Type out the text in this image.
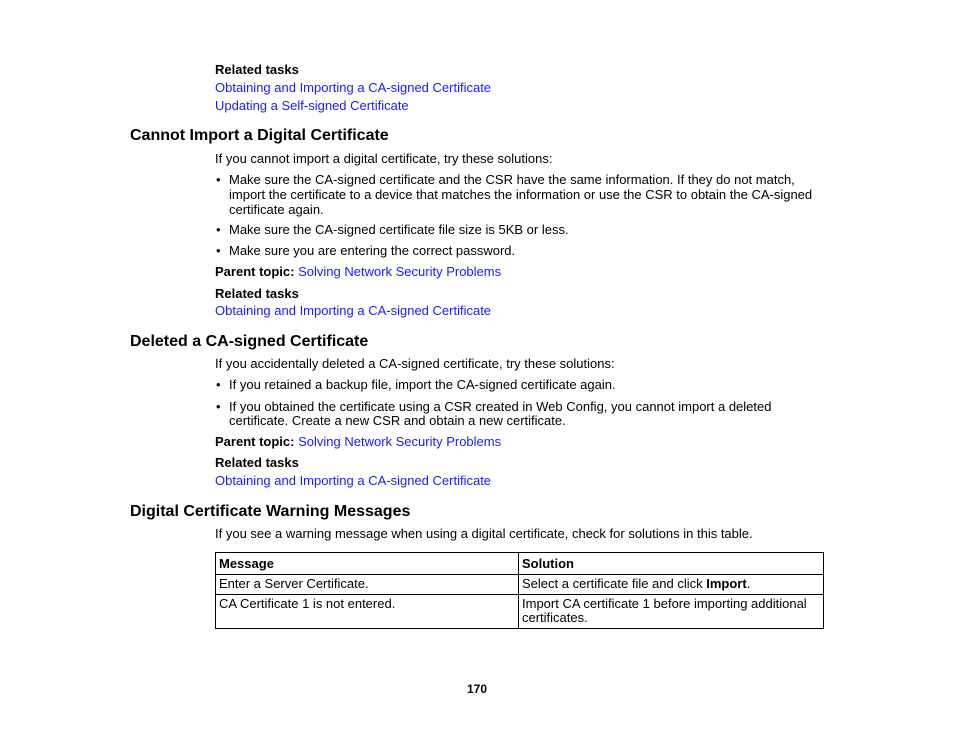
Related tasks
Obtaining and Importing a CA-signed Certificate
Updating a Self-signed Certificate
Cannot Import a Digital Certificate
If you cannot import a digital certificate, try these solutions:
• Make sure the CA-signed certificate and the CSR have the same information. If they do not match,
import the certificate to a device that matches the information or use the CSR to obtain the CA-signed
certificate again.
• Make sure the CA-signed certificate file size is 5KB or less.
• Make sure you are entering the correct password.
Parent topic: Solving Network Security Problems
Related tasks
Obtaining and Importing a CA-signed Certificate
Deleted a CA-signed Certificate
If you accidentally deleted a CA-signed certificate, try these solutions:
• If you retained a backup file, import the CA-signed certificate again.
• If you obtained the certificate using a CSR created in Web Config, you cannot import a deleted
certificate. Create a new CSR and obtain a new certificate.
Parent topic: Solving Network Security Problems
Related tasks
Obtaining and Importing a CA-signed Certificate
Digital Certificate Warning Messages
If you see a warning message when using a digital certificate, check for solutions in this table.
Message	Solution
Enter a Server Certificate.	Select a certificate file and click Import.
CA Certificate 1 is not entered.	Import CA certificate 1 before importing additional
certificates.
170
